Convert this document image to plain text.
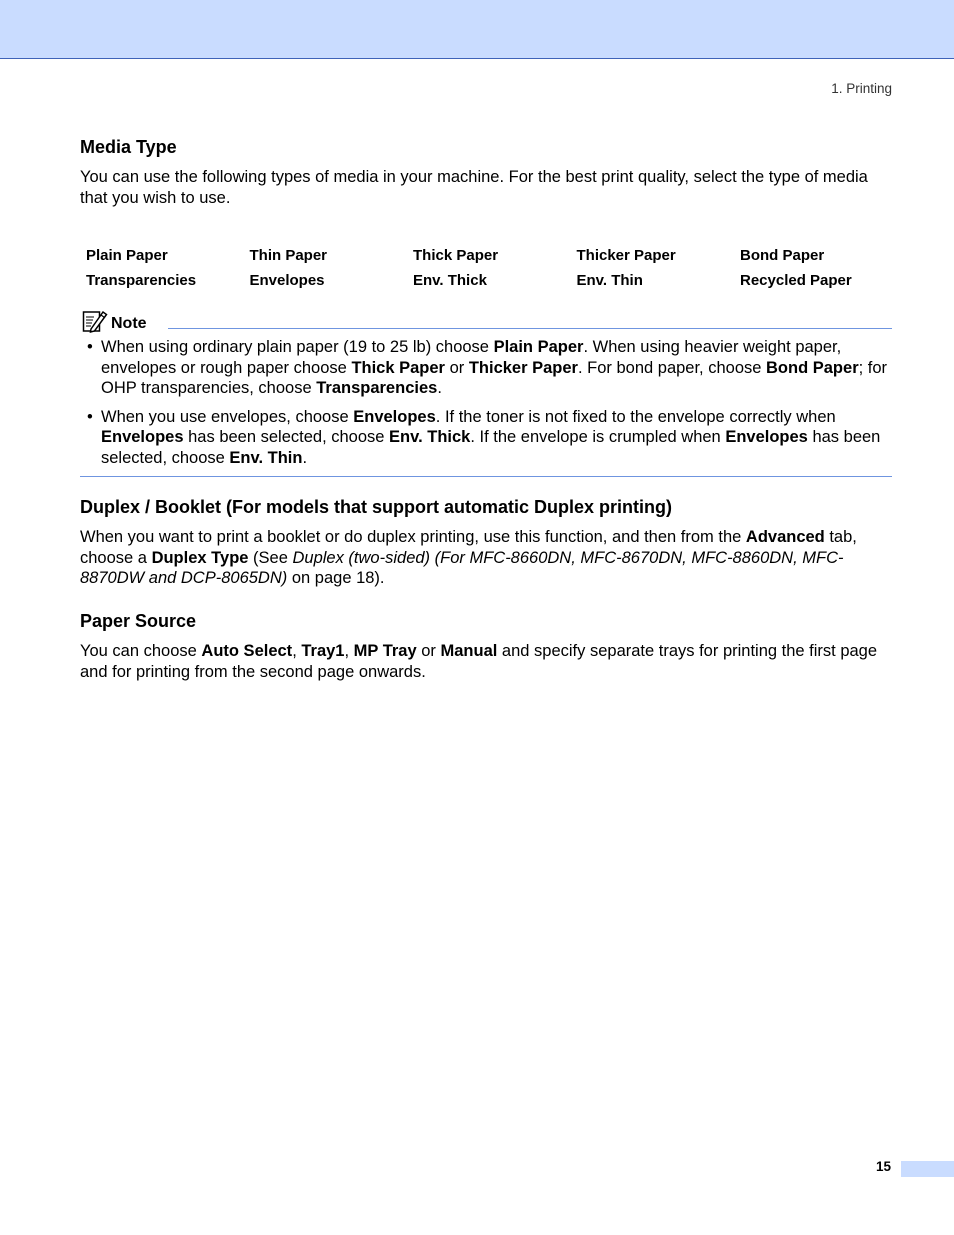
1. Printing
Media Type

You can use the following types of media in your machine. For the best print quality, select the type of media that you wish to use.

Plain Paper	Thin Paper	Thick Paper	Thicker Paper	Bond Paper
Transparencies	Envelopes	Env. Thick	Env. Thin	Recycled Paper
Note
• When using ordinary plain paper (19 to 25 lb) choose Plain Paper. When using heavier weight paper, envelopes or rough paper choose Thick Paper or Thicker Paper. For bond paper, choose Bond Paper; for OHP transparencies, choose Transparencies.
• When you use envelopes, choose Envelopes. If the toner is not fixed to the envelope correctly when Envelopes has been selected, choose Env. Thick. If the envelope is crumpled when Envelopes has been selected, choose Env. Thin.
Duplex / Booklet (For models that support automatic Duplex printing)

When you want to print a booklet or do duplex printing, use this function, and then from the Advanced tab, choose a Duplex Type (See Duplex (two-sided) (For MFC-8660DN, MFC-8670DN, MFC-8860DN, MFC-8870DW and DCP-8065DN) on page 18).

Paper Source

You can choose Auto Select, Tray1, MP Tray or Manual and specify separate trays for printing the first page and for printing from the second page onwards.

15
